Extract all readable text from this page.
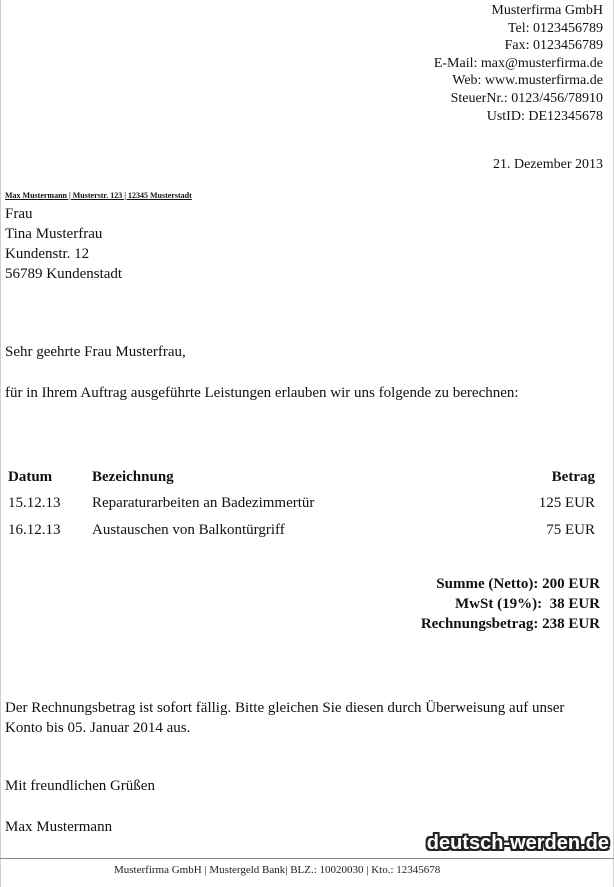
Musterfirma GmbH
Tel: 0123456789
Fax: 0123456789
E-Mail: max@musterfirma.de
Web: www.musterfirma.de
SteuerNr.: 0123/456/78910
UstID: DE12345678
21. Dezember 2013
Max Mustermann | Musterstr. 123 | 12345 Musterstadt
Frau
Tina Musterfrau
Kundenstr. 12
56789 Kundenstadt
Sehr geehrte Frau Musterfrau,
für in Ihrem Auftrag ausgeführte Leistungen erlauben wir uns folgende zu berechnen:
Datum	Bezeichnung	Betrag
15.12.13	Reparaturarbeiten an Badezimmertür	125 EUR
16.12.13	Austauschen von Balkontürgriff	75 EUR
Summe (Netto): 200 EUR
MwSt (19%):  38 EUR
Rechnungsbetrag: 238 EUR
Der Rechnungsbetrag ist sofort fällig. Bitte gleichen Sie diesen durch Überweisung auf unser Konto bis 05. Januar 2014 aus.
Mit freundlichen Grüßen
Max Mustermann
Musterfirma GmbH | Mustergeld Bank| BLZ.: 10020030 | Kto.: 12345678
deutsch-werden.de
